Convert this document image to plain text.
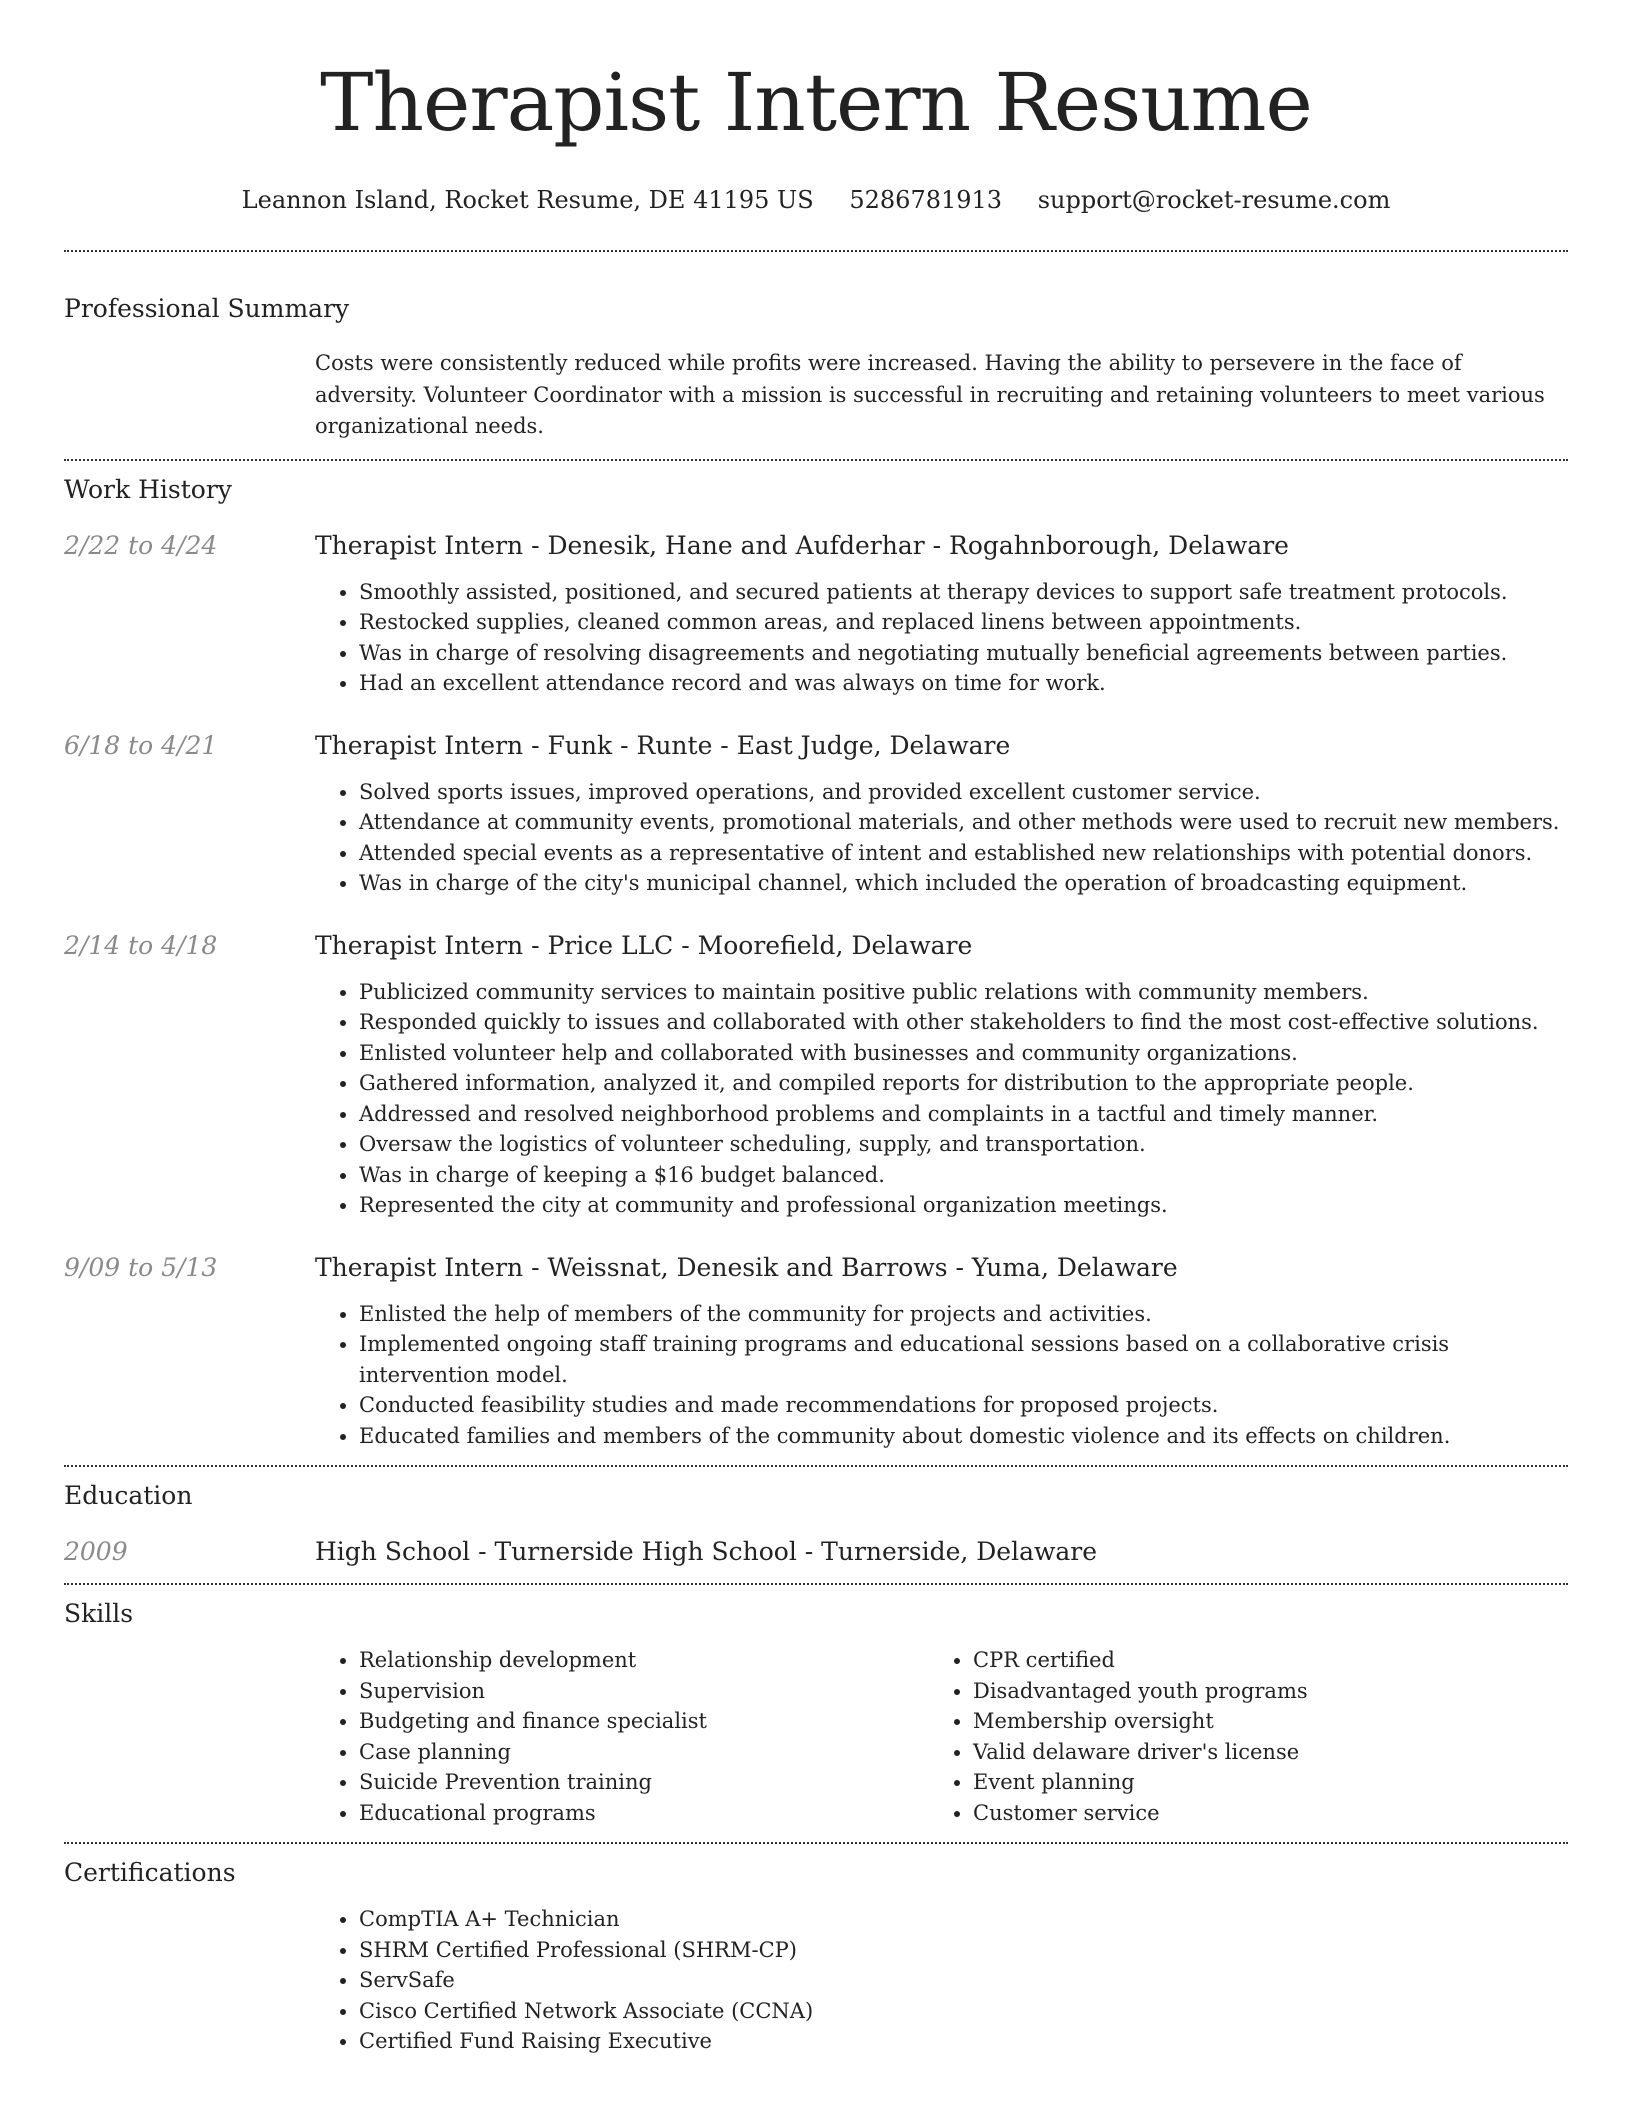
Therapist Intern Resume
Leannon Island, Rocket Resume, DE 41195 US 5286781913 support@rocket-resume.com
Professional Summary

Costs were consistently reduced while profits were increased. Having the ability to persevere in the face of adversity. Volunteer Coordinator with a mission is successful in recruiting and retaining volunteers to meet various organizational needs.

Work History
2/22 to 4/24	Therapist Intern - Denesik, Hane and Aufderhar - Rogahnborough, Delaware
• Smoothly assisted, positioned, and secured patients at therapy devices to support safe treatment protocols.
• Restocked supplies, cleaned common areas, and replaced linens between appointments.
• Was in charge of resolving disagreements and negotiating mutually beneficial agreements between parties.
• Had an excellent attendance record and was always on time for work.
6/18 to 4/21	Therapist Intern - Funk - Runte - East Judge, Delaware
• Solved sports issues, improved operations, and provided excellent customer service.
• Attendance at community events, promotional materials, and other methods were used to recruit new members.
• Attended special events as a representative of intent and established new relationships with potential donors.
• Was in charge of the city's municipal channel, which included the operation of broadcasting equipment.
2/14 to 4/18	Therapist Intern - Price LLC - Moorefield, Delaware
• Publicized community services to maintain positive public relations with community members.
• Responded quickly to issues and collaborated with other stakeholders to find the most cost-effective solutions.
• Enlisted volunteer help and collaborated with businesses and community organizations.
• Gathered information, analyzed it, and compiled reports for distribution to the appropriate people.
• Addressed and resolved neighborhood problems and complaints in a tactful and timely manner.
• Oversaw the logistics of volunteer scheduling, supply, and transportation.
• Was in charge of keeping a $16 budget balanced.
• Represented the city at community and professional organization meetings.
9/09 to 5/13	Therapist Intern - Weissnat, Denesik and Barrows - Yuma, Delaware
• Enlisted the help of members of the community for projects and activities.
• Implemented ongoing staff training programs and educational sessions based on a collaborative crisis intervention model.
• Conducted feasibility studies and made recommendations for proposed projects.
• Educated families and members of the community about domestic violence and its effects on children.
Education
2009	High School - Turnerside High School - Turnerside, Delaware
Skills
• Relationship development
• Supervision
• Budgeting and finance specialist
• Case planning
• Suicide Prevention training
• Educational programs
• CPR certified
• Disadvantaged youth programs
• Membership oversight
• Valid delaware driver's license
• Event planning
• Customer service
Certifications
• CompTIA A+ Technician
• SHRM Certified Professional (SHRM-CP)
• ServSafe
• Cisco Certified Network Associate (CCNA)
• Certified Fund Raising Executive
